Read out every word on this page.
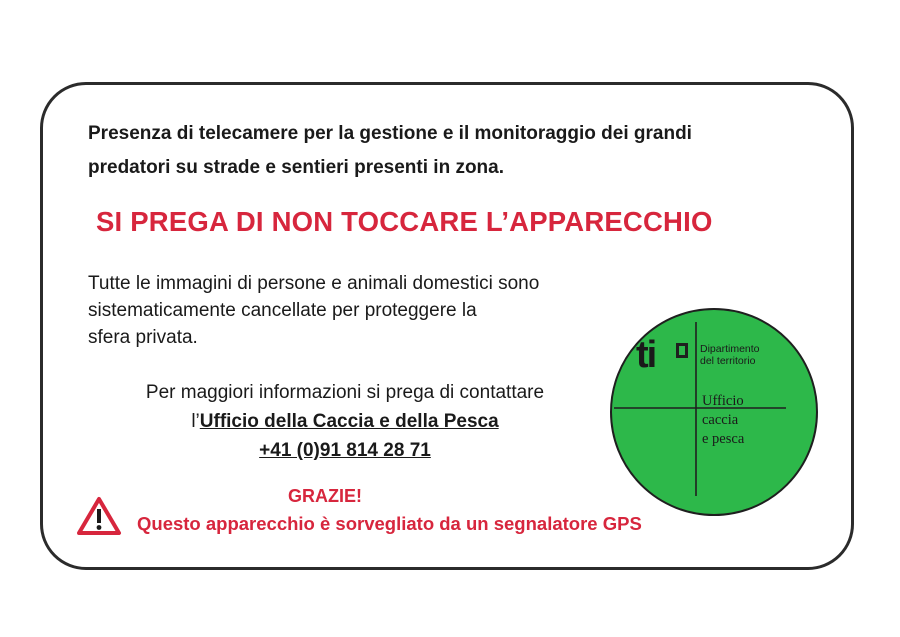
Presenza di telecamere per la gestione e il monitoraggio dei grandi
predatori su strade e sentieri presenti in zona.
SI PREGA DI NON TOCCARE L’APPARECCHIO
Tutte le immagini di persone e animali domestici sono
sistematicamente cancellate per proteggere la
sfera privata.
Per maggiori informazioni si prega di contattare
l’Ufficio della Caccia e della Pesca
+41 (0)91 814 28 71
GRAZIE!
Questo apparecchio è sorvegliato da un segnalatore GPS
ti	Dipartimento
del territorio
Ufficio
caccia
e pesca
